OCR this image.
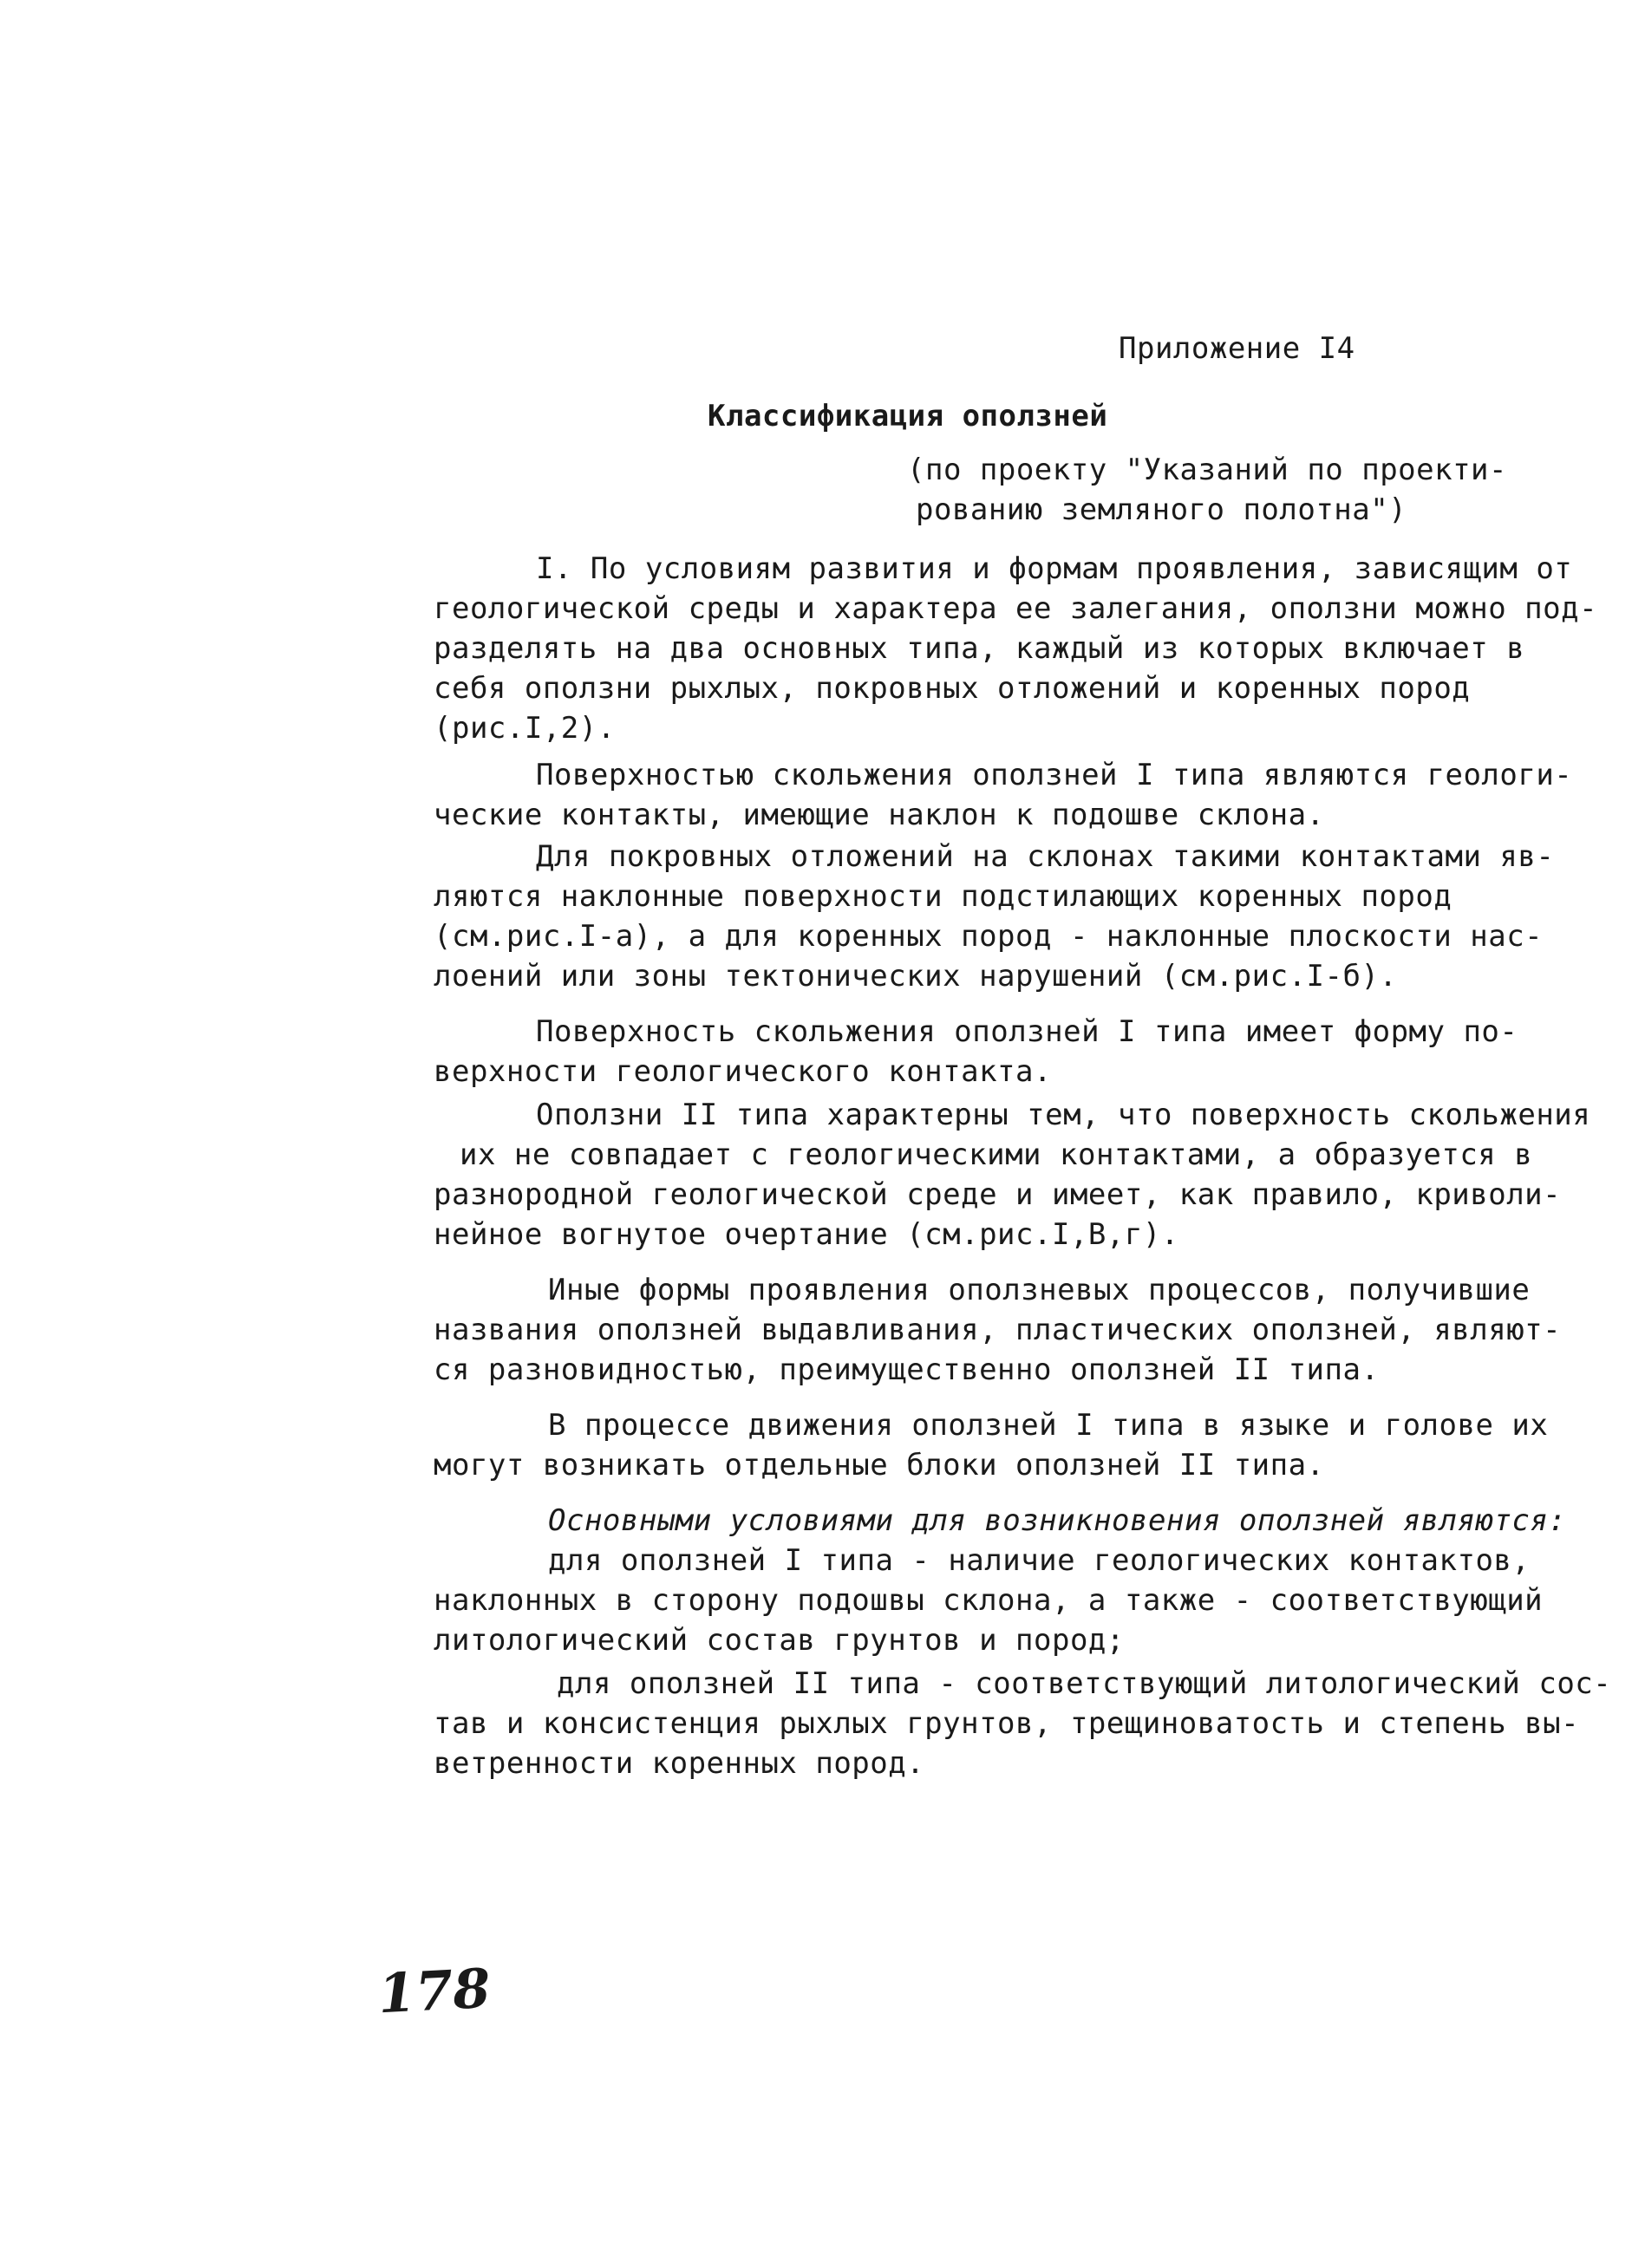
Приложение I4
Классификация оползней
(по проекту "Указаний по проекти-
рованию земляного полотна")
I. По условиям развития и формам проявления, зависящим от
геологической среды и характера ее залегания, оползни можно под-
разделять на два основных типа, каждый из которых включает в
себя оползни рыхлых, покровных отложений и коренных пород
(рис.I,2).
Поверхностью скольжения оползней I типа являются геологи-
ческие контакты, имеющие наклон к подошве склона.
Для покровных отложений на склонах такими контактами яв-
ляются наклонные поверхности подстилающих коренных пород
(см.рис.I-а), а для коренных пород - наклонные плоскости нас-
лоений или зоны тектонических нарушений (см.рис.I-б).
Поверхность скольжения оползней I типа имеет форму по-
верхности геологического контакта.
Оползни II типа характерны тем, что поверхность скольжения
их не совпадает с геологическими контактами, а образуется в
разнородной геологической среде и имеет, как правило, криволи-
нейное вогнутое очертание (см.рис.I,В,г).
Иные формы проявления оползневых процессов, получившие
названия оползней выдавливания, пластических оползней, являют-
ся разновидностью, преимущественно оползней II типа.
В процессе движения оползней I типа в языке и голове их
могут возникать отдельные блоки оползней II типа.
Основными условиями для возникновения оползней являются:
для оползней I типа - наличие геологических контактов,
наклонных в сторону подошвы склона, а также - соответствующий
литологический состав грунтов и пород;
для оползней II типа - соответствующий литологический сос-
тав и консистенция рыхлых грунтов, трещиноватость и степень вы-
ветренности коренных пород.
178
